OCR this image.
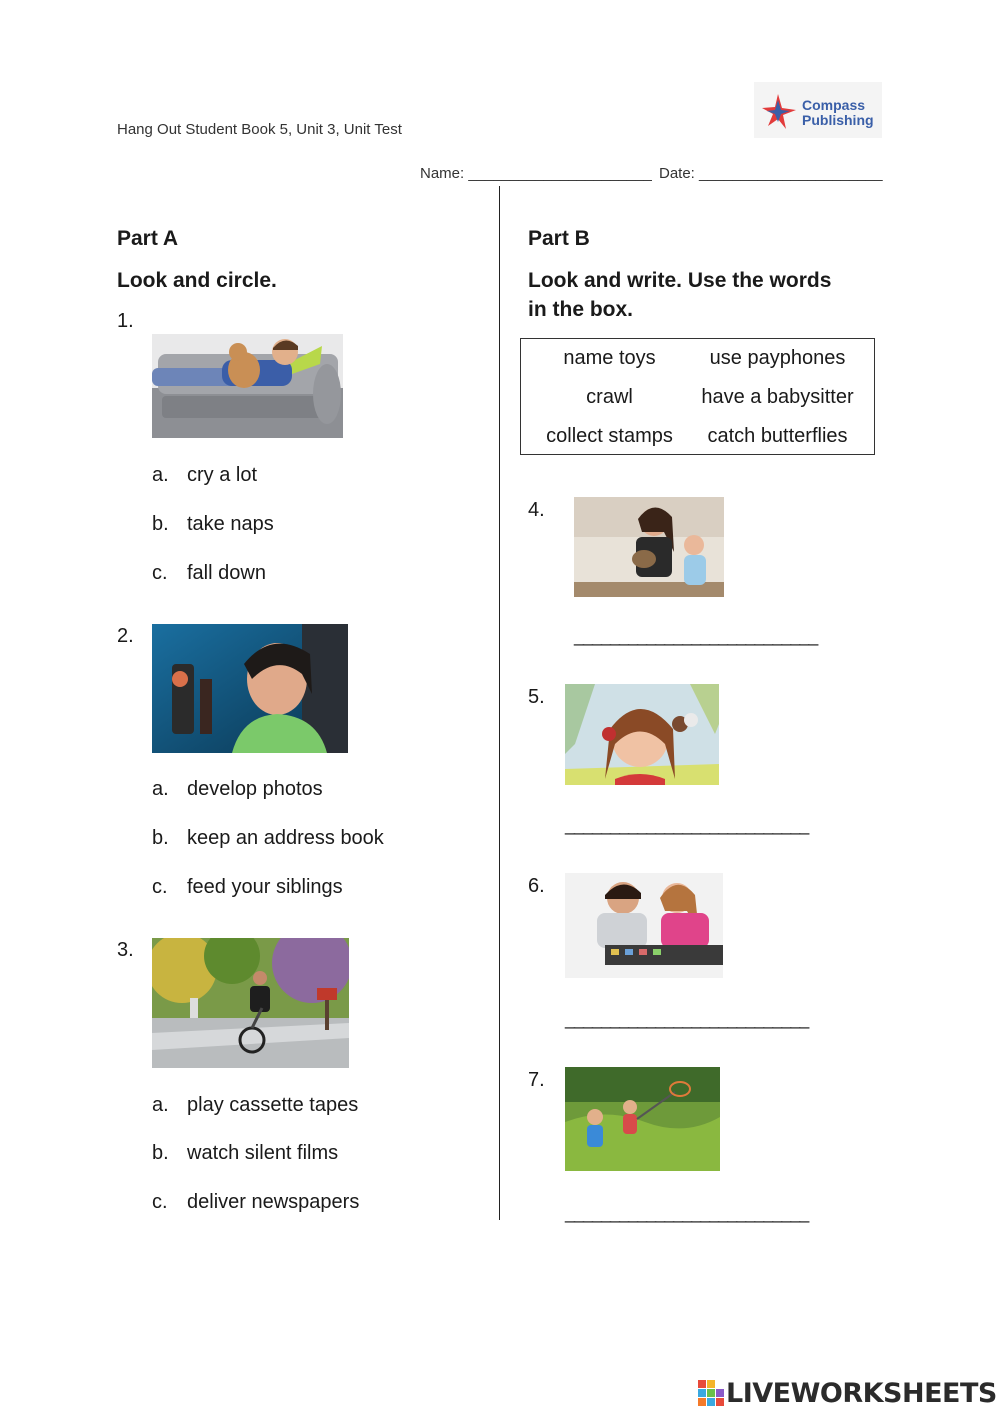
Hang Out Student Book 5, Unit 3, Unit Test
Compass
Publishing
Name: ______________________ Date: ______________________
Part A
Look and circle.
1.
a. cry a lot
b. take naps
c. fall down
2.
a. develop photos
b. keep an address book
c. feed your siblings
3.
a. play cassette tapes
b. watch silent films
c. deliver newspapers
Part B
Look and write. Use the words
in the box.
name toys	use payphones
crawl	have a babysitter
collect stamps	catch butterflies
4.
___________________________
5.
___________________________
6.
___________________________
7.
___________________________
LIVEWORKSHEETS
